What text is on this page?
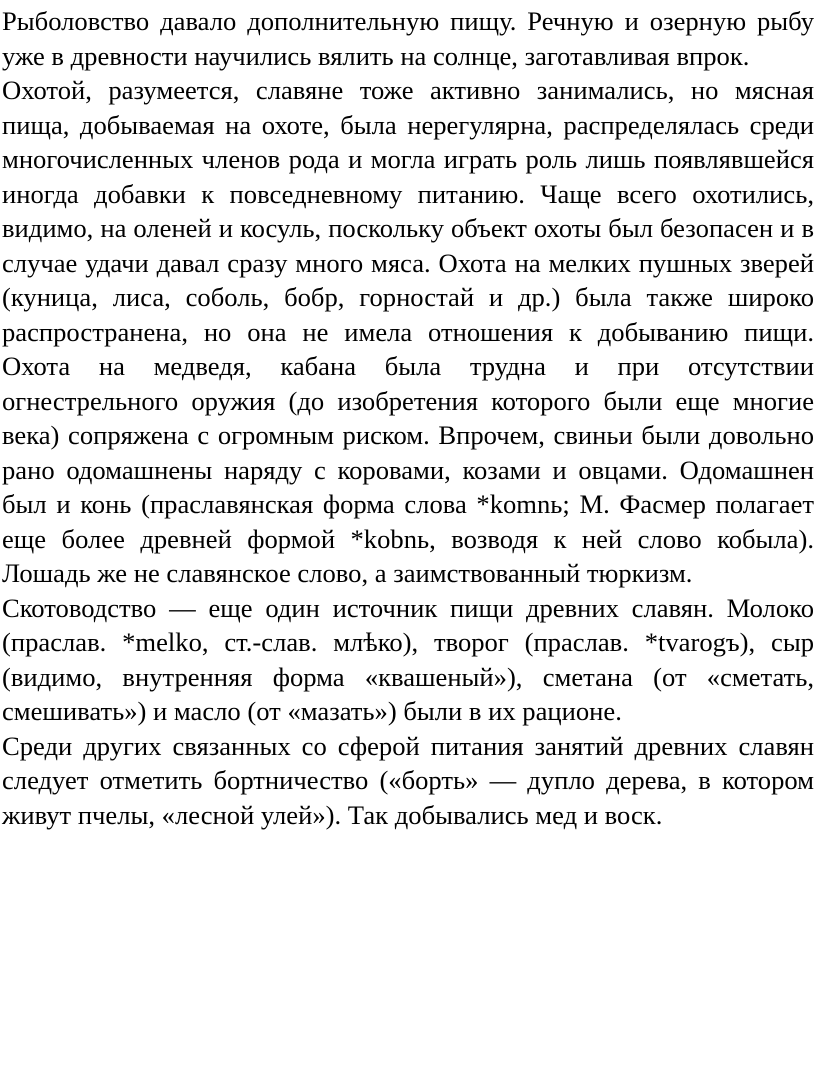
Рыболовство давало дополнительную пищу. Речную и озерную рыбу уже в древности научились вялить на солнце, заготавливая впрок.

Охотой, разумеется, славяне тоже активно занимались, но мясная пища, добываемая на охоте, была нерегулярна, распределялась среди многочисленных членов рода и могла играть роль лишь появлявшейся иногда добавки к повседневному питанию. Чаще всего охотились, видимо, на оленей и косуль, поскольку объект охоты был безопасен и в случае удачи давал сразу много мяса. Охота на мелких пушных зверей (куница, лиса, соболь, бобр, горностай и др.) была также широко распространена, но она не имела отношения к добыванию пищи. Охота на медведя, кабана была трудна и при отсутствии огнестрельного оружия (до изобретения которого были еще многие века) сопряжена с огромным риском. Впрочем, свиньи были довольно рано одомашнены наряду с коровами, козами и овцами. Одомашнен был и конь (праславянская форма слова *komnь; М. Фасмер полагает еще более древней формой *kobnь, возводя к ней слово кобыла). Лошадь же не славянское слово, а заимствованный тюркизм.

Скотоводство — еще один источник пищи древних славян. Молоко (праслав. *melko, ст.-слав. млѣко), творог (праслав. *tvarogъ), сыр (видимо, внутренняя форма «квашеный»), сметана (от «сметать, смешивать») и масло (от «мазать») были в их рационе.

Среди других связанных со сферой питания занятий древних славян следует отметить бортничество («борть» — дупло дерева, в котором живут пчелы, «лесной улей»). Так добывались мед и воск.
